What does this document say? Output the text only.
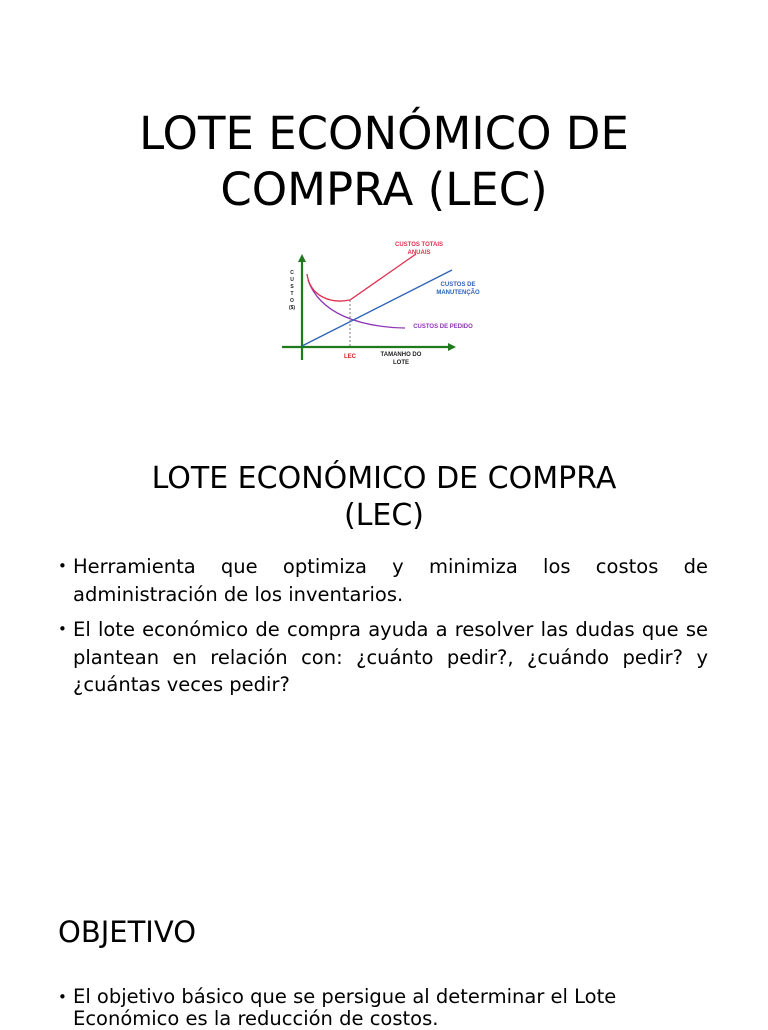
LOTE ECONÓMICO DE
COMPRA (LEC)
C
U
S
T
O
($)
LEC	TAMANHO DO
LOTE
CUSTOS TOTAIS
ANUAIS
CUSTOS DE
MANUTENÇÃO
CUSTOS DE PEDIDO
LOTE ECONÓMICO DE COMPRA
(LEC)
• Herramienta que optimiza y minimiza los costos de administración de los inventarios.
• El lote económico de compra ayuda a resolver las dudas que se plantean en relación con: ¿cuánto pedir?, ¿cuándo pedir? y ¿cuántas veces pedir?
OBJETIVO
• El objetivo básico que se persigue al determinar el Lote Económico es la reducción de costos.
